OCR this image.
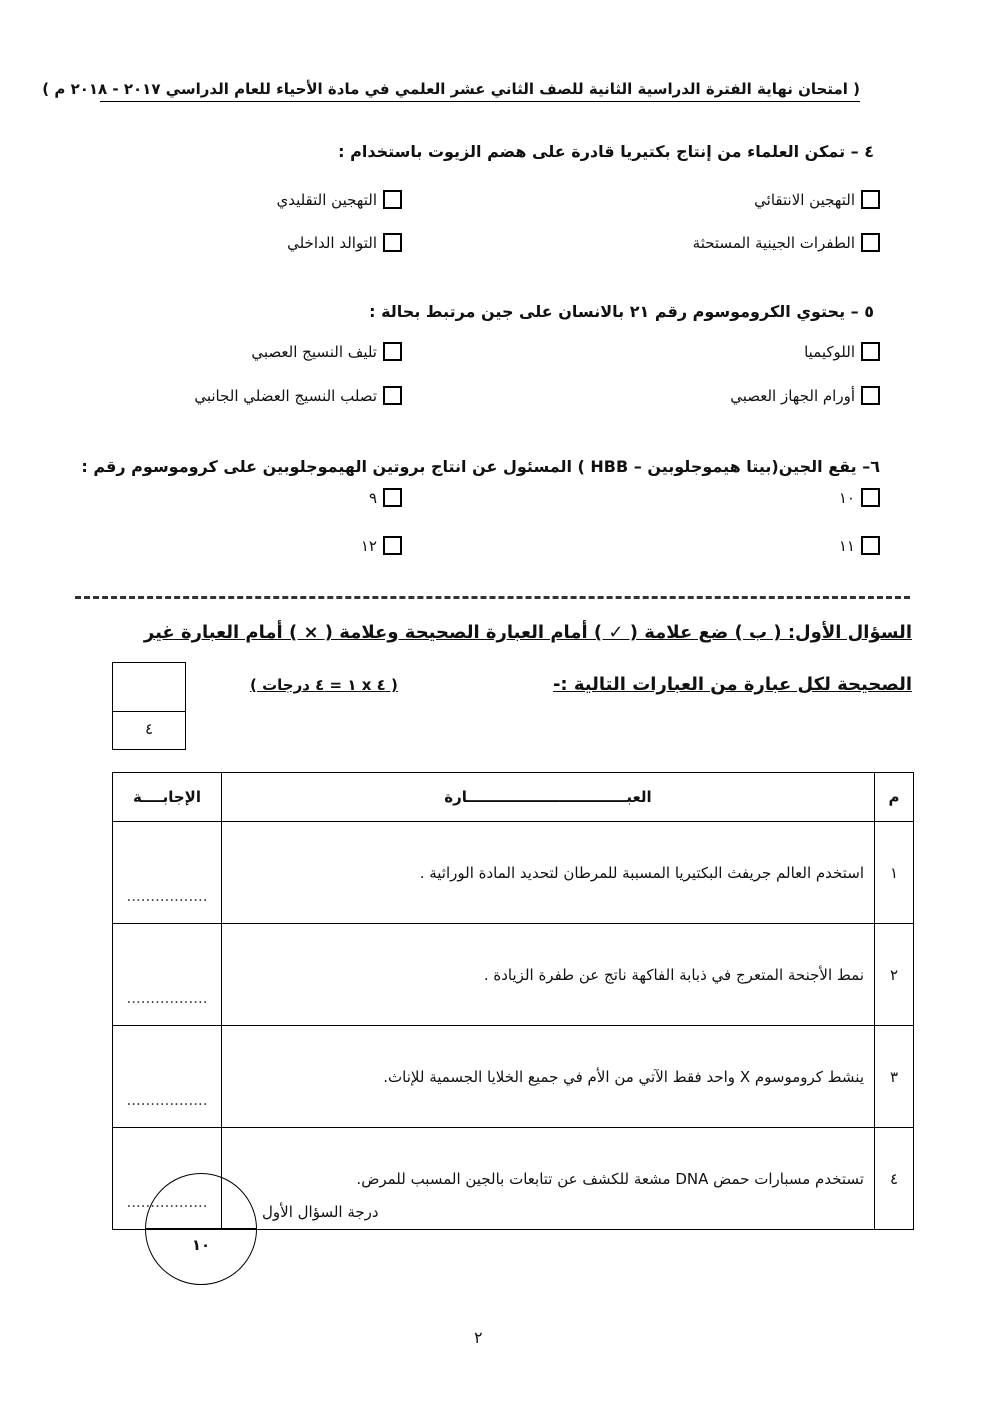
( امتحان نهاية الفترة الدراسية الثانية للصف الثاني عشر العلمي في مادة الأحياء للعام الدراسي ٢٠١٧ - ٢٠١٨ م )
٤ – تمكن العلماء من إنتاج بكتيريا قادرة على هضم الزيوت باستخدام :
التهجين الانتقائي
التهجين التقليدي
الطفرات الجينية المستحثة
التوالد الداخلي
٥ – يحتوي الكروموسوم رقم ٢١ بالانسان على جين مرتبط بحالة :
اللوكيميا
تليف النسيج العصبي
أورام الجهاز العصبي
تصلب النسيج العضلي الجانبي
٦– يقع الجين(بيتا هيموجلوبين – HBB ) المسئول عن انتاج بروتين الهيموجلوبين على كروموسوم رقم :
١٠
٩
١١
١٢
السؤال الأول: ( ب ) ضع علامة ( ✓ ) أمام العبارة الصحيحة وعلامة ( × ) أمام العبارة غير
الصحيحة لكل عبارة من العبارات التالية :-
( ٤ x ١ = ٤ درجات )
٤
م	العبـــــــــــــــــــــــــــــــارة	الإجابــــة
١	استخدم العالم جريفث البكتيريا المسببة للمرطان لتحديد المادة الوراثية .	.................
٢	نمط الأجنحة المتعرج في ذبابة الفاكهة ناتج عن طفرة الزيادة .	.................
٣	ينشط كروموسوم X واحد فقط الآتي من الأم في جميع الخلايا الجسمية للإناث.	.................
٤	تستخدم مسبارات حمض DNA مشعة للكشف عن تتابعات بالجين المسبب للمرض.	.................
درجة السؤال الأول
١٠
٢
